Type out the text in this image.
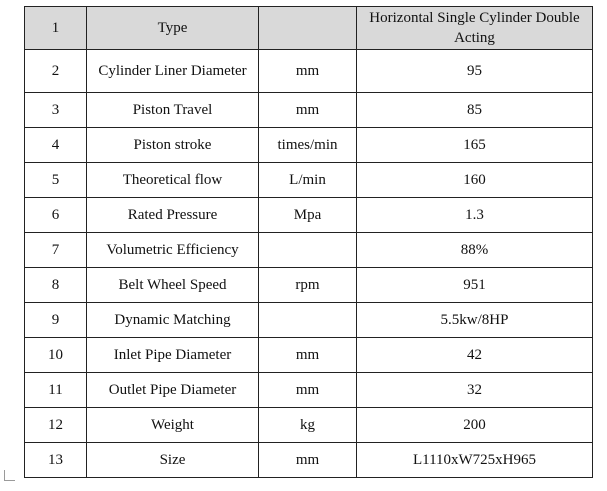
1	Type		Horizontal Single Cylinder Double Acting
2	Cylinder Liner Diameter	mm	95
3	Piston Travel	mm	85
4	Piston stroke	times/min	165
5	Theoretical flow	L/min	160
6	Rated Pressure	Mpa	1.3
7	Volumetric Efficiency		88%
8	Belt Wheel Speed	rpm	951
9	Dynamic Matching		5.5kw/8HP
10	Inlet Pipe Diameter	mm	42
11	Outlet Pipe Diameter	mm	32
12	Weight	kg	200
13	Size	mm	L1110xW725xH965
